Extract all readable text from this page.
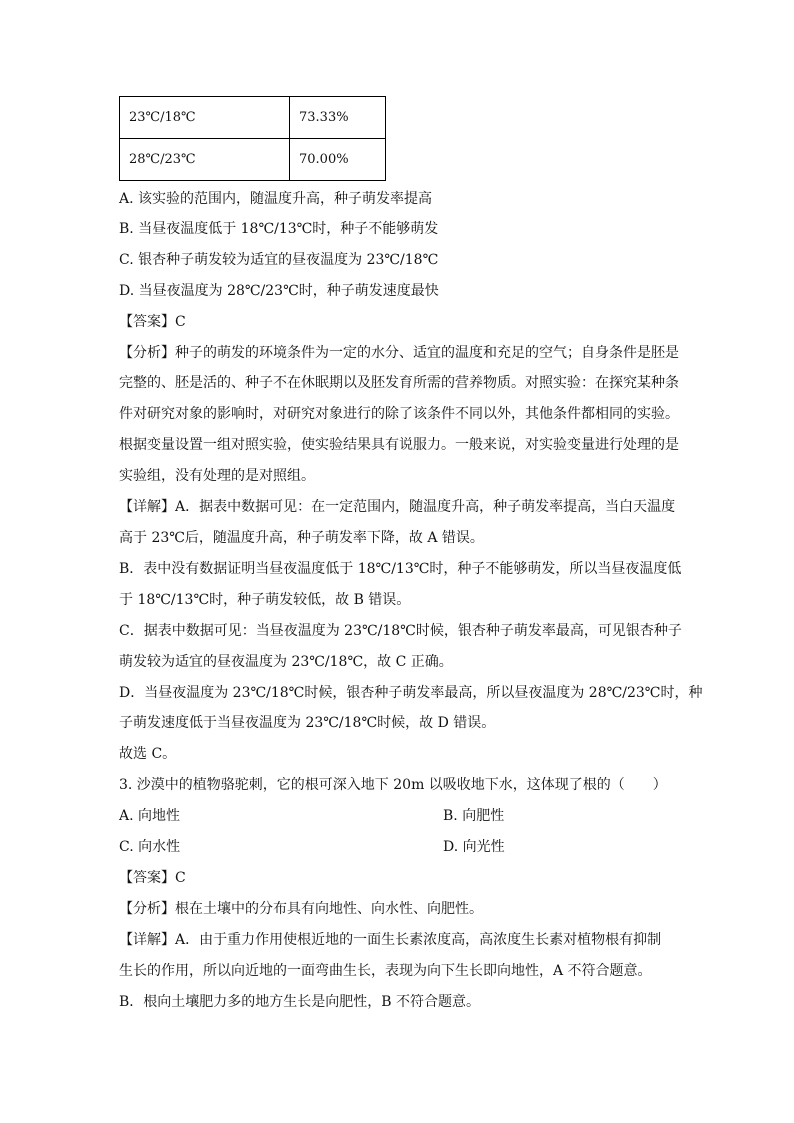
23℃/18℃	73.33%
28℃/23℃	70.00%
A. 该实验的范围内，随温度升高，种子萌发率提高
B. 当昼夜温度低于 18℃/13℃时，种子不能够萌发
C. 银杏种子萌发较为适宜的昼夜温度为 23℃/18℃
D. 当昼夜温度为 28℃/23℃时，种子萌发速度最快
【答案】C
【分析】种子的萌发的环境条件为一定的水分、适宜的温度和充足的空气；自身条件是胚是
完整的、胚是活的、种子不在休眠期以及胚发育所需的营养物质。对照实验：在探究某种条
件对研究对象的影响时，对研究对象进行的除了该条件不同以外，其他条件都相同的实验。
根据变量设置一组对照实验，使实验结果具有说服力。一般来说，对实验变量进行处理的是
实验组，没有处理的是对照组。
【详解】A．据表中数据可见：在一定范围内，随温度升高，种子萌发率提高，当白天温度
高于 23℃后，随温度升高，种子萌发率下降，故 A 错误。
B．表中没有数据证明当昼夜温度低于 18℃/13℃时，种子不能够萌发，所以当昼夜温度低
于 18℃/13℃时，种子萌发较低，故 B 错误。
C．据表中数据可见：当昼夜温度为 23℃/18℃时候，银杏种子萌发率最高，可见银杏种子
萌发较为适宜的昼夜温度为 23℃/18℃，故 C 正确。
D．当昼夜温度为 23℃/18℃时候，银杏种子萌发率最高，所以昼夜温度为 28℃/23℃时，种
子萌发速度低于当昼夜温度为 23℃/18℃时候，故 D 错误。
故选 C。
3. 沙漠中的植物骆驼刺，它的根可深入地下 20m 以吸收地下水，这体现了根的（　　）
A. 向地性	B. 向肥性
C. 向水性	D. 向光性
【答案】C
【分析】根在土壤中的分布具有向地性、向水性、向肥性。
【详解】A．由于重力作用使根近地的一面生长素浓度高，高浓度生长素对植物根有抑制
生长的作用，所以向近地的一面弯曲生长，表现为向下生长即向地性，A 不符合题意。
B．根向土壤肥力多的地方生长是向肥性，B 不符合题意。
